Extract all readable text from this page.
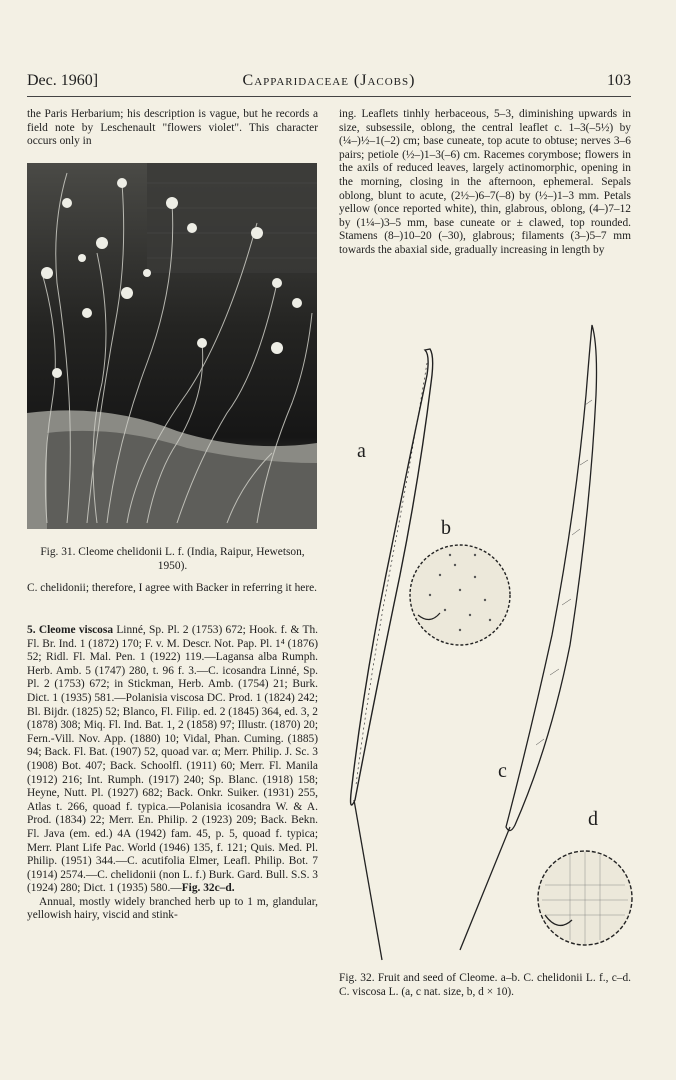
Dec. 1960]	Capparidaceae (Jacobs)	103

the Paris Herbarium; his description is vague, but he records a field note by Leschenault "flowers violet". This character occurs only in

Fig. 31. Cleome chelidonii L. f. (India, Raipur, Hewetson, 1950).

C. chelidonii; therefore, I agree with Backer in referring it here.

5. Cleome viscosa Linné, Sp. Pl. 2 (1753) 672; Hook. f. & Th. Fl. Br. Ind. 1 (1872) 170; F. v. M. Descr. Not. Pap. Pl. 1⁴ (1876) 52; Ridl. Fl. Mal. Pen. 1 (1922) 119.—Lagansa alba Rumph. Herb. Amb. 5 (1747) 280, t. 96 f. 3.—C. icosandra Linné, Sp. Pl. 2 (1753) 672; in Stickman, Herb. Amb. (1754) 21; Burk. Dict. 1 (1935) 581.—Polanisia viscosa DC. Prod. 1 (1824) 242; Bl. Bijdr. (1825) 52; Blanco, Fl. Filip. ed. 2 (1845) 364, ed. 3, 2 (1878) 308; Miq. Fl. Ind. Bat. 1, 2 (1858) 97; Illustr. (1870) 20; Fern.-Vill. Nov. App. (1880) 10; Vidal, Phan. Cuming. (1885) 94; Back. Fl. Bat. (1907) 52, quoad var. α; Merr. Philip. J. Sc. 3 (1908) Bot. 407; Back. Schoolfl. (1911) 60; Merr. Fl. Manila (1912) 216; Int. Rumph. (1917) 240; Sp. Blanc. (1918) 158; Heyne, Nutt. Pl. (1927) 682; Back. Onkr. Suiker. (1931) 255, Atlas t. 266, quoad f. typica.—Polanisia icosandra W. & A. Prod. (1834) 22; Merr. En. Philip. 2 (1923) 209; Back. Bekn. Fl. Java (em. ed.) 4A (1942) fam. 45, p. 5, quoad f. typica; Merr. Plant Life Pac. World (1946) 135, f. 121; Quis. Med. Pl. Philip. (1951) 344.—C. acutifolia Elmer, Leafl. Philip. Bot. 7 (1914) 2574.—C. chelidonii (non L. f.) Burk. Gard. Bull. S.S. 3 (1924) 280; Dict. 1 (1935) 580.—Fig. 32c–d.

Annual, mostly widely branched herb up to 1 m, glandular, yellowish hairy, viscid and stink-

ing. Leaflets tinhly herbaceous, 5–3, diminishing upwards in size, subsessile, oblong, the central leaflet c. 1–3(–5½) by (¼–)½–1(–2) cm; base cuneate, top acute to obtuse; nerves 3–6 pairs; petiole (½–)1–3(–6) cm. Racemes corymbose; flowers in the axils of reduced leaves, largely actinomorphic, opening in the morning, closing in the afternoon, ephemeral. Sepals oblong, blunt to acute, (2½–)6–7(–8) by (½–)1–3 mm. Petals yellow (once reported white), thin, glabrous, oblong, (4–)7–12 by (1¼–)3–5 mm, base cuneate or ± clawed, top rounded. Stamens (8–)10–20 (–30), glabrous; filaments (3–)5–7 mm towards the abaxial side, gradually increasing in length by

a
b
c
d
Fig. 32. Fruit and seed of Cleome. a–b. C. chelidonii L. f., c–d. C. viscosa L. (a, c nat. size, b, d × 10).
